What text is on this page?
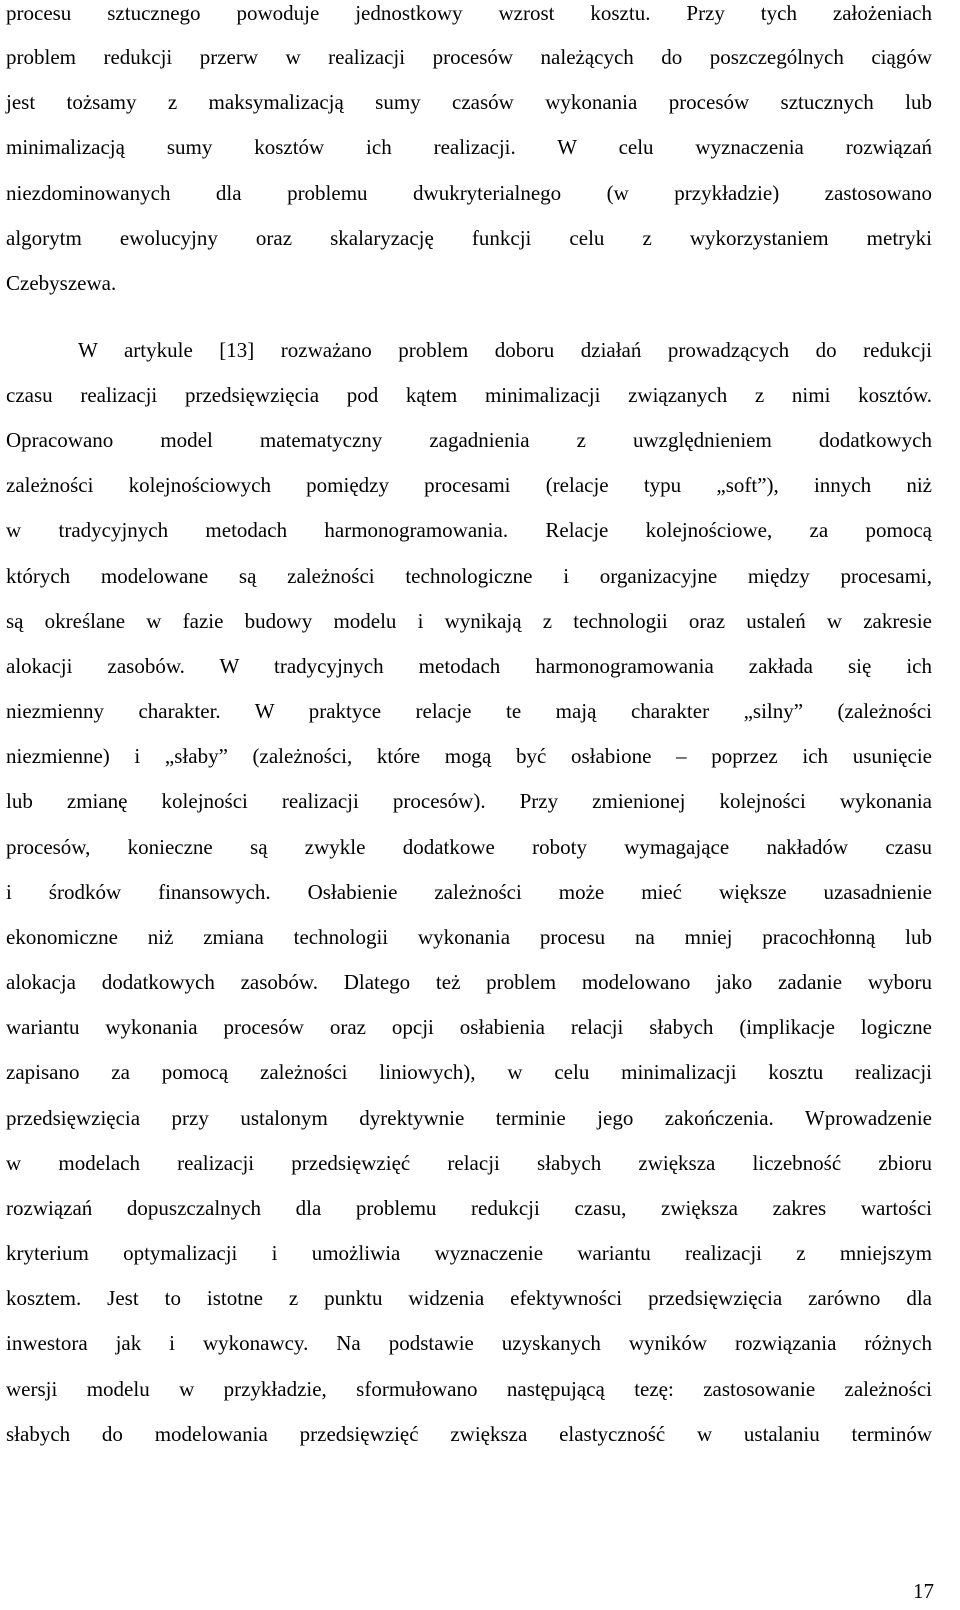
procesu sztucznego powoduje jednostkowy wzrost kosztu. Przy tych założeniach
problem redukcji przerw w realizacji procesów należących do poszczególnych ciągów
jest tożsamy z maksymalizacją sumy czasów wykonania procesów sztucznych lub
minimalizacją sumy kosztów ich realizacji. W celu wyznaczenia rozwiązań
niezdominowanych dla problemu dwukryterialnego (w przykładzie) zastosowano
algorytm ewolucyjny oraz skalaryzację funkcji celu z wykorzystaniem metryki
Czebyszewa.
W artykule [13] rozważano problem doboru działań prowadzących do redukcji
czasu realizacji przedsięwzięcia pod kątem minimalizacji związanych z nimi kosztów.
Opracowano model matematyczny zagadnienia z uwzględnieniem dodatkowych
zależności kolejnościowych pomiędzy procesami (relacje typu „soft”), innych niż
w tradycyjnych metodach harmonogramowania. Relacje kolejnościowe, za pomocą
których modelowane są zależności technologiczne i organizacyjne między procesami,
są określane w fazie budowy modelu i wynikają z technologii oraz ustaleń w zakresie
alokacji zasobów. W tradycyjnych metodach harmonogramowania zakłada się ich
niezmienny charakter. W praktyce relacje te mają charakter „silny” (zależności
niezmienne) i „słaby” (zależności, które mogą być osłabione – poprzez ich usunięcie
lub zmianę kolejności realizacji procesów). Przy zmienionej kolejności wykonania
procesów, konieczne są zwykle dodatkowe roboty wymagające nakładów czasu
i środków finansowych. Osłabienie zależności może mieć większe uzasadnienie
ekonomiczne niż zmiana technologii wykonania procesu na mniej pracochłonną lub
alokacja dodatkowych zasobów. Dlatego też problem modelowano jako zadanie wyboru
wariantu wykonania procesów oraz opcji osłabienia relacji słabych (implikacje logiczne
zapisano za pomocą zależności liniowych), w celu minimalizacji kosztu realizacji
przedsięwzięcia przy ustalonym dyrektywnie terminie jego zakończenia. Wprowadzenie
w modelach realizacji przedsięwzięć relacji słabych zwiększa liczebność zbioru
rozwiązań dopuszczalnych dla problemu redukcji czasu, zwiększa zakres wartości
kryterium optymalizacji i umożliwia wyznaczenie wariantu realizacji z mniejszym
kosztem. Jest to istotne z punktu widzenia efektywności przedsięwzięcia zarówno dla
inwestora jak i wykonawcy. Na podstawie uzyskanych wyników rozwiązania różnych
wersji modelu w przykładzie, sformułowano następującą tezę: zastosowanie zależności
słabych do modelowania przedsięwzięć zwiększa elastyczność w ustalaniu terminów
17
